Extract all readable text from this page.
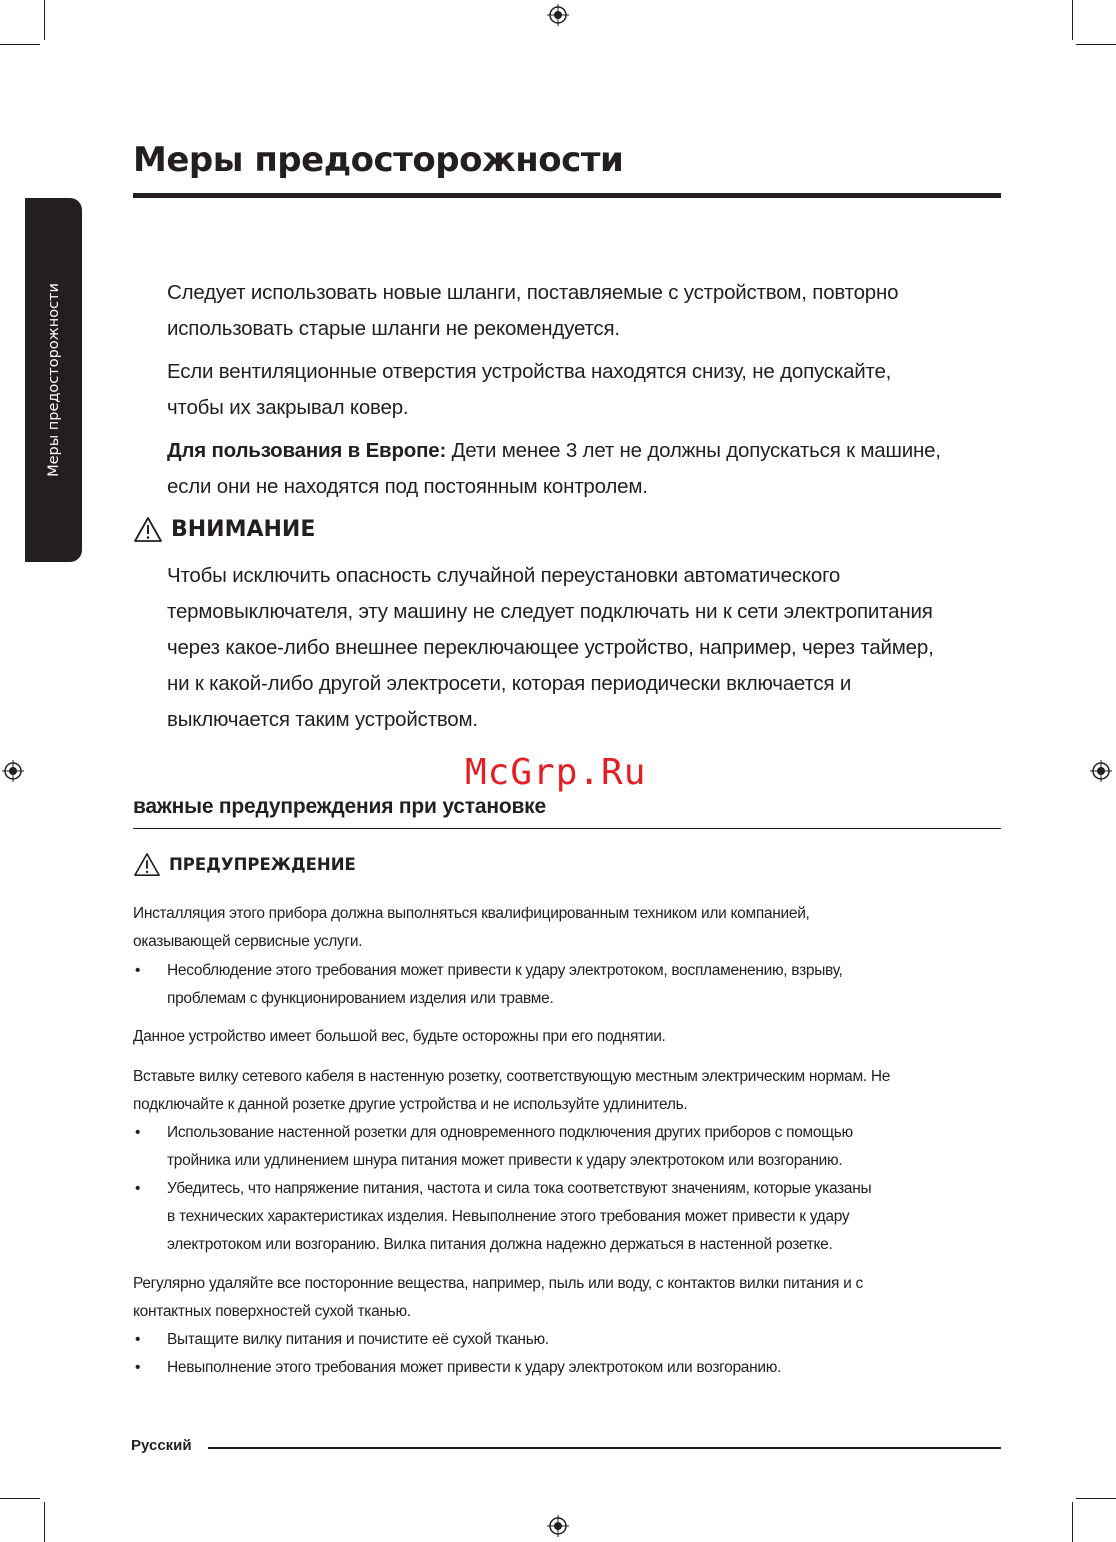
Меры предосторожности
Меры предосторожности	Следует использовать новые шланги, поставляемые с устройством, повторно
использовать старые шланги не рекомендуется.

Если вентиляционные отверстия устройства находятся снизу, не допускайте,
чтобы их закрывал ковер.

Для пользования в Европе: Дети менее 3 лет не должны допускаться к машине,
если они не находятся под постоянным контролем.

ВНИМАНИЕ

Чтобы исключить опасность случайной переустановки автоматического
термовыключателя, эту машину не следует подключать ни к сети электропитания
через какое-либо внешнее переключающее устройство, например, через таймер,
ни к какой-либо другой электросети, которая периодически включается и
выключается таким устройством.

McGrp.Ru
важные предупреждения при установке
ПРЕДУПРЕЖДЕНИЕ

Инсталляция этого прибора должна выполняться квалифицированным техником или компанией,
оказывающей сервисные услуги.

• Несоблюдение этого требования может привести к удару электротоком, воспламенению, взрыву,
проблемам с функционированием изделия или травме.

Данное устройство имеет большой вес, будьте осторожны при его поднятии.

Вставьте вилку сетевого кабеля в настенную розетку, соответствующую местным электрическим нормам. Не
подключайте к данной розетке другие устройства и не используйте удлинитель.

• Использование настенной розетки для одновременного подключения других приборов с помощью
тройника или удлинением шнура питания может привести к удару электротоком или возгоранию.

• Убедитесь, что напряжение питания, частота и сила тока соответствуют значениям, которые указаны
в технических характеристиках изделия. Невыполнение этого требования может привести к удару
электротоком или возгоранию. Вилка питания должна надежно держаться в настенной розетке.

Регулярно удаляйте все посторонние вещества, например, пыль или воду, с контактов вилки питания и с
контактных поверхностей сухой тканью.

• Вытащите вилку питания и почистите её сухой тканью.

• Невыполнение этого требования может привести к удару электротоком или возгоранию.

Русский
